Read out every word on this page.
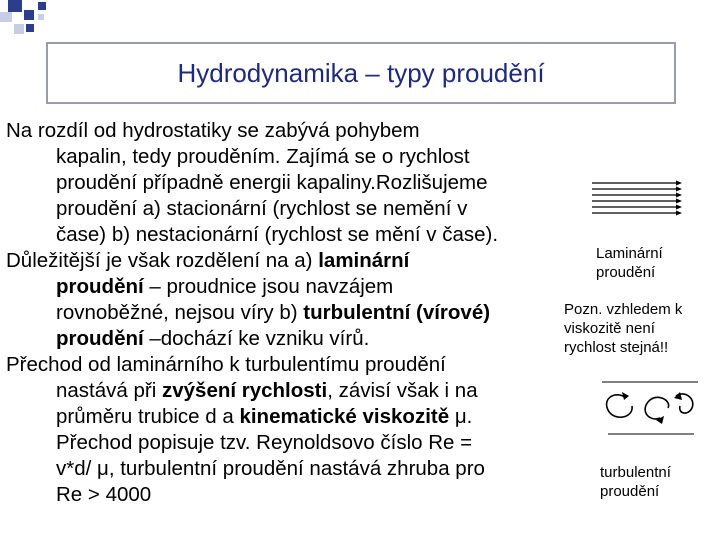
Hydrodynamika – typy proudění

Na rozdíl od hydrostatiky se zabývá pohybem
kapalin, tedy prouděním. Zajímá se o rychlost
proudění případně energii kapaliny.Rozlišujeme
proudění a) stacionární (rychlost se nemění v
čase) b) nestacionární (rychlost se mění v čase).

Důležitější je však rozdělení na a) laminární
proudění – proudnice jsou navzájem
rovnoběžné, nejsou víry b) turbulentní (vírové)
proudění –dochází ke vzniku vírů.

Přechod od laminárního k turbulentímu proudění
nastává při zvýšení rychlosti, závisí však i na
průměru trubice d a kinematické viskozitě μ.
Přechod popisuje tzv. Reynoldsovo číslo Re =
v*d/ μ, turbulentní proudění nastává zhruba pro
Re > 4000

Laminární
proudění
Pozn. vzhledem k
viskozitě není
rychlost stejná!!
turbulentní
proudění
